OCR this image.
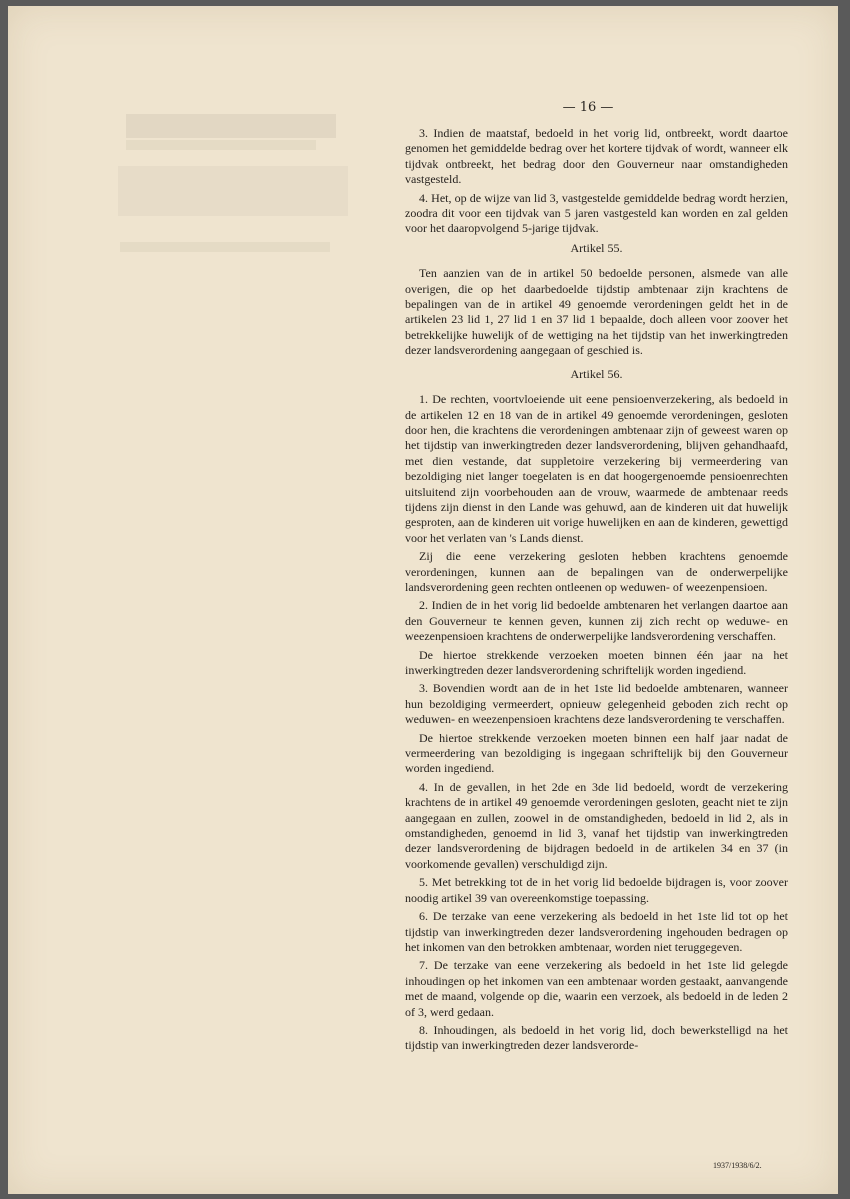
— 16 —

3. Indien de maatstaf, bedoeld in het vorig lid, ontbreekt, wordt daartoe genomen het gemiddelde bedrag over het kortere tijdvak of wordt, wanneer elk tijdvak ontbreekt, het bedrag door den Gouverneur naar omstandigheden vastgesteld.

4. Het, op de wijze van lid 3, vastgestelde gemiddelde bedrag wordt herzien, zoodra dit voor een tijdvak van 5 jaren vastgesteld kan worden en zal gelden voor het daaropvolgend 5-jarige tijdvak.

Artikel 55.

Ten aanzien van de in artikel 50 bedoelde personen, alsmede van alle overigen, die op het daarbedoelde tijdstip ambtenaar zijn krachtens de bepalingen van de in artikel 49 genoemde verordeningen geldt het in de artikelen 23 lid 1, 27 lid 1 en 37 lid 1 bepaalde, doch alleen voor zoover het betrekkelijke huwelijk of de wettiging na het tijdstip van het inwerkingtreden dezer landsverordening aangegaan of geschied is.

Artikel 56.

1. De rechten, voortvloeiende uit eene pensioenverzekering, als bedoeld in de artikelen 12 en 18 van de in artikel 49 genoemde verordeningen, gesloten door hen, die krachtens die verordeningen ambtenaar zijn of geweest waren op het tijdstip van inwerkingtreden dezer landsverordening, blijven gehandhaafd, met dien vestande, dat suppletoire verzekering bij vermeerdering van bezoldiging niet langer toegelaten is en dat hoogergenoemde pensioenrechten uitsluitend zijn voorbehouden aan de vrouw, waarmede de ambtenaar reeds tijdens zijn dienst in den Lande was gehuwd, aan de kinderen uit dat huwelijk gesproten, aan de kinderen uit vorige huwelijken en aan de kinderen, gewettigd voor het verlaten van 's Lands dienst.

Zij die eene verzekering gesloten hebben krachtens genoemde verordeningen, kunnen aan de bepalingen van de onderwerpelijke landsverordening geen rechten ontleenen op weduwen- of weezenpensioen.

2. Indien de in het vorig lid bedoelde ambtenaren het verlangen daartoe aan den Gouverneur te kennen geven, kunnen zij zich recht op weduwe- en weezenpensioen krachtens de onderwerpelijke landsverordening verschaffen.

De hiertoe strekkende verzoeken moeten binnen één jaar na het inwerkingtreden dezer landsverordening schriftelijk worden ingediend.

3. Bovendien wordt aan de in het 1ste lid bedoelde ambtenaren, wanneer hun bezoldiging vermeerdert, opnieuw gelegenheid geboden zich recht op weduwen- en weezenpensioen krachtens deze landsverordening te verschaffen.

De hiertoe strekkende verzoeken moeten binnen een half jaar nadat de vermeerdering van bezoldiging is ingegaan schriftelijk bij den Gouverneur worden ingediend.

4. In de gevallen, in het 2de en 3de lid bedoeld, wordt de verzekering krachtens de in artikel 49 genoemde verordeningen gesloten, geacht niet te zijn aangegaan en zullen, zoowel in de omstandigheden, bedoeld in lid 2, als in omstandigheden, genoemd in lid 3, vanaf het tijdstip van inwerkingtreden dezer landsverordening de bijdragen bedoeld in de artikelen 34 en 37 (in voorkomende gevallen) verschuldigd zijn.

5. Met betrekking tot de in het vorig lid bedoelde bijdragen is, voor zoover noodig artikel 39 van overeenkomstige toepassing.

6. De terzake van eene verzekering als bedoeld in het 1ste lid tot op het tijdstip van inwerkingtreden dezer landsverordening ingehouden bedragen op het inkomen van den betrokken ambtenaar, worden niet teruggegeven.

7. De terzake van eene verzekering als bedoeld in het 1ste lid gelegde inhoudingen op het inkomen van een ambtenaar worden gestaakt, aanvangende met de maand, volgende op die, waarin een verzoek, als bedoeld in de leden 2 of 3, werd gedaan.

8. Inhoudingen, als bedoeld in het vorig lid, doch bewerkstelligd na het tijdstip van inwerkingtreden dezer landsverorde-

1937/1938/6/2.
